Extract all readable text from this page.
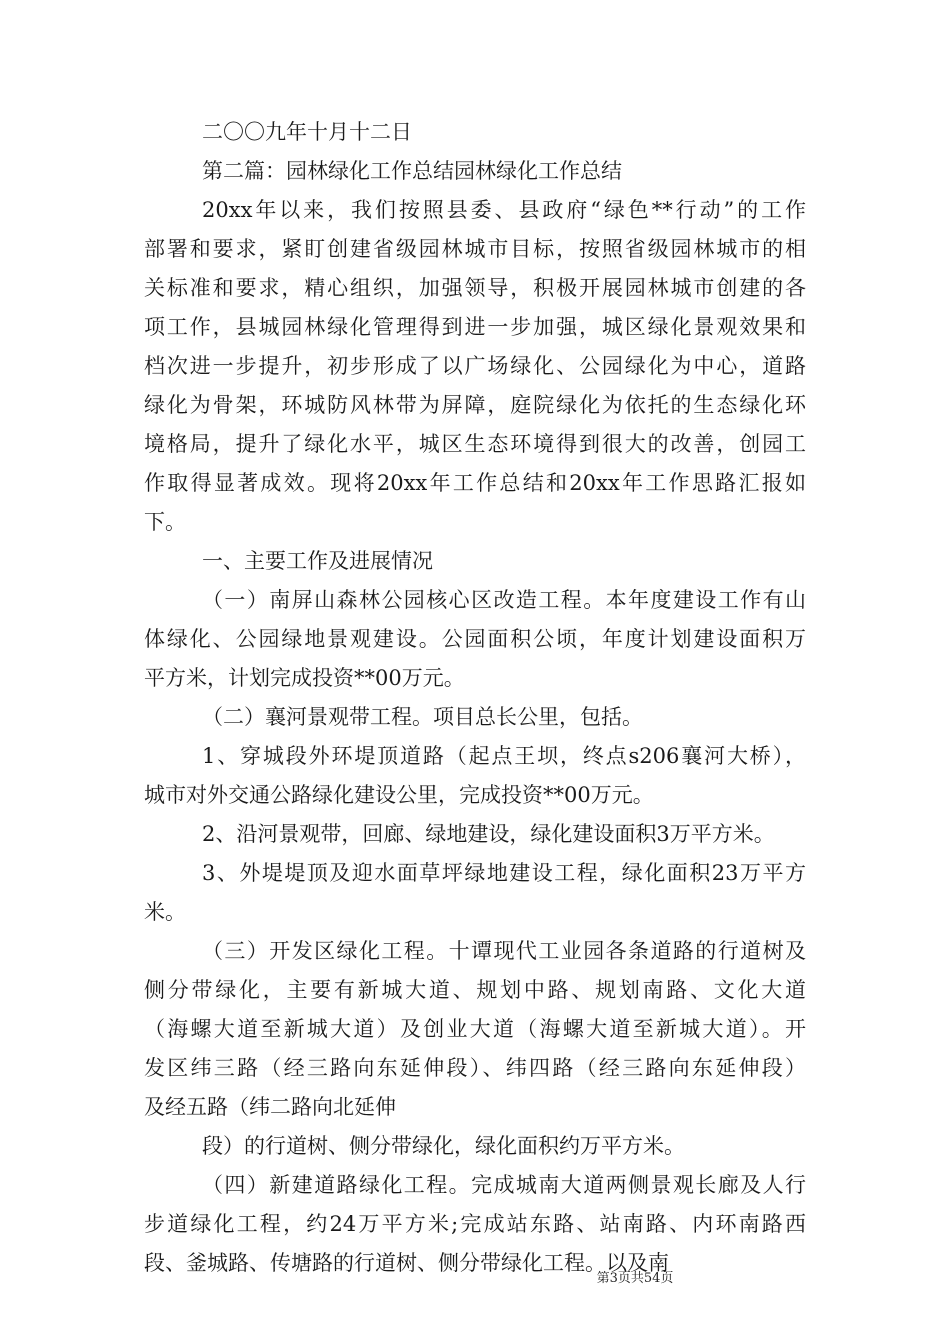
二〇〇九年十月十二日
第二篇：园林绿化工作总结园林绿化工作总结
20xx年以来，我们按照县委、县政府“绿色**行动”的工作
部署和要求，紧盯创建省级园林城市目标，按照省级园林城市的相
关标准和要求，精心组织，加强领导，积极开展园林城市创建的各
项工作，县城园林绿化管理得到进一步加强，城区绿化景观效果和
档次进一步提升，初步形成了以广场绿化、公园绿化为中心，道路
绿化为骨架，环城防风林带为屏障，庭院绿化为依托的生态绿化环
境格局，提升了绿化水平，城区生态环境得到很大的改善，创园工
作取得显著成效。现将20xx年工作总结和20xx年工作思路汇报如
下。
一、主要工作及进展情况
（一）南屏山森林公园核心区改造工程。本年度建设工作有山
体绿化、公园绿地景观建设。公园面积公顷，年度计划建设面积万
平方米，计划完成投资**00万元。
（二）襄河景观带工程。项目总长公里，包括。
1、穿城段外环堤顶道路（起点王坝，终点s206襄河大桥），
城市对外交通公路绿化建设公里，完成投资**00万元。
2、沿河景观带，回廊、绿地建设，绿化建设面积3万平方米。
3、外堤堤顶及迎水面草坪绿地建设工程，绿化面积23万平方
米。
（三）开发区绿化工程。十谭现代工业园各条道路的行道树及
侧分带绿化，主要有新城大道、规划中路、规划南路、文化大道
（海螺大道至新城大道）及创业大道（海螺大道至新城大道）。开
发区纬三路（经三路向东延伸段）、纬四路（经三路向东延伸段）
及经五路（纬二路向北延伸
段）的行道树、侧分带绿化，绿化面积约万平方米。
（四）新建道路绿化工程。完成城南大道两侧景观长廊及人行
步道绿化工程，约24万平方米;完成站东路、站南路、内环南路西
段、釜城路、传塘路的行道树、侧分带绿化工程。以及南
第3页共54页
